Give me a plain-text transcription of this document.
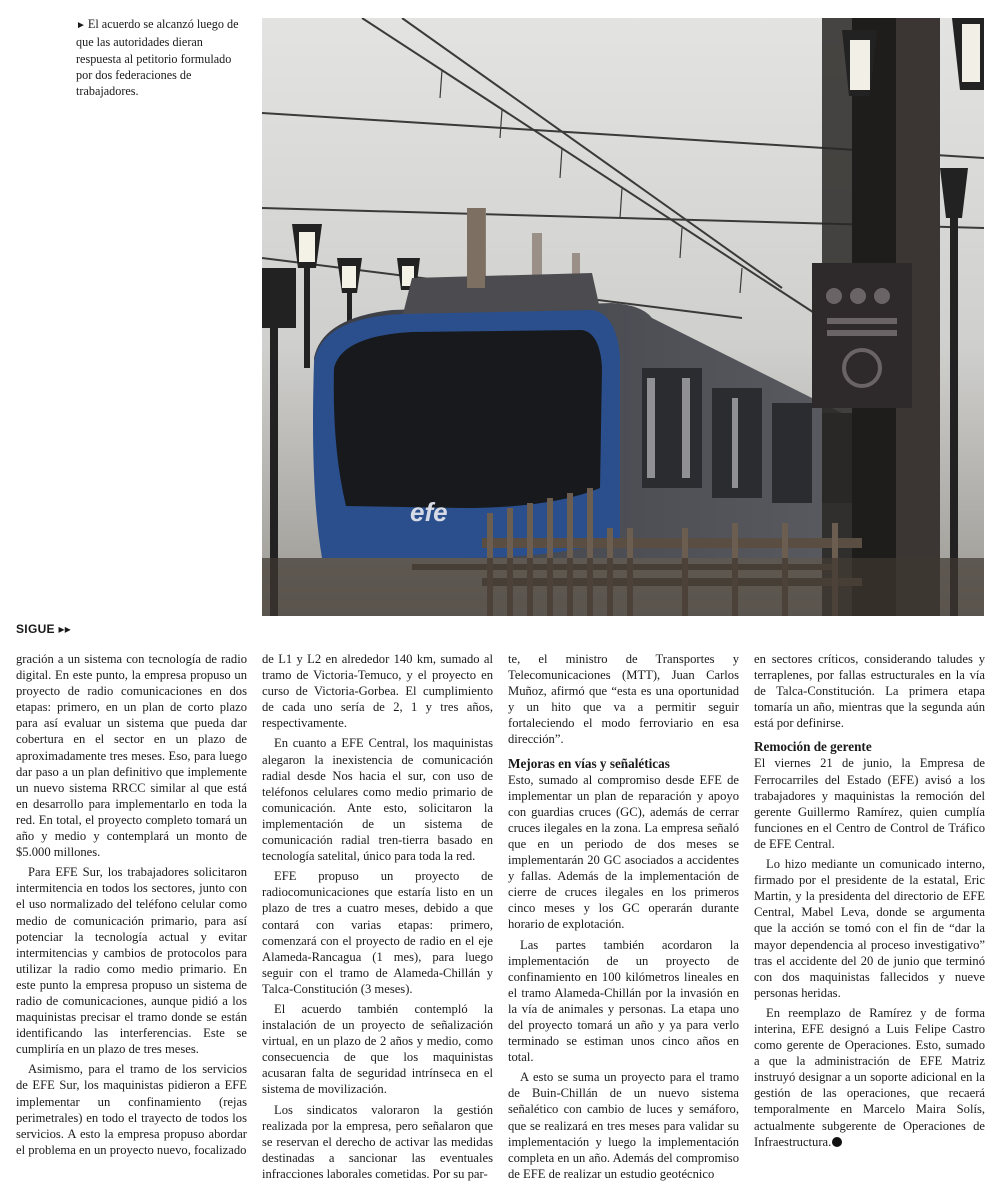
► El acuerdo se alcanzó luego de que las autoridades dieran respuesta al petitorio formulado por dos federaciones de trabajadores.
efe
SIGUE ▸▸

gración a un sistema con tecnología de radio digital. En este punto, la empresa propuso un proyecto de radio comunicaciones en dos etapas: primero, en un plan de corto plazo para así evaluar un sistema que pueda dar cobertura en el sector en un plazo de aproximadamente tres meses. Eso, para luego dar paso a un plan definitivo que implemente un nuevo sistema RRCC similar al que está en desarrollo para implementarlo en toda la red. En total, el proyecto completo tomará un año y medio y contemplará un monto de $5.000 millones.

Para EFE Sur, los trabajadores solicitaron intermitencia en todos los sectores, junto con el uso normalizado del teléfono celular como medio de comunicación primario, para así potenciar la tecnología actual y evitar intermitencias y cambios de protocolos para utilizar la radio como medio primario. En este punto la empresa propuso un sistema de radio de comunicaciones, aunque pidió a los maquinistas precisar el tramo donde se están identificando las interferencias. Este se cumpliría en un plazo de tres meses.

Asimismo, para el tramo de los servicios de EFE Sur, los maquinistas pidieron a EFE implementar un confinamiento (rejas perimetrales) en todo el trayecto de todos los servicios. A esto la empresa propuso abordar el problema en un proyecto nuevo, focalizado

de L1 y L2 en alrededor 140 km, sumado al tramo de Victoria-Temuco, y el proyecto en curso de Victoria-Gorbea. El cumplimiento de cada uno sería de 2, 1 y tres años, respectivamente.

En cuanto a EFE Central, los maquinistas alegaron la inexistencia de comunicación radial desde Nos hacia el sur, con uso de teléfonos celulares como medio primario de comunicación. Ante esto, solicitaron la implementación de un sistema de comunicación radial tren-tierra basado en tecnología satelital, único para toda la red.

EFE propuso un proyecto de radiocomunicaciones que estaría listo en un plazo de tres a cuatro meses, debido a que contará con varias etapas: primero, comenzará con el proyecto de radio en el eje Alameda-Rancagua (1 mes), para luego seguir con el tramo de Alameda-Chillán y Talca-Constitución (3 meses).

El acuerdo también contempló la instalación de un proyecto de señalización virtual, en un plazo de 2 años y medio, como consecuencia de que los maquinistas acusaran falta de seguridad intrínseca en el sistema de movilización.

Los sindicatos valoraron la gestión realizada por la empresa, pero señalaron que se reservan el derecho de activar las medidas destinadas a sancionar las eventuales infracciones laborales cometidas. Por su par-

te, el ministro de Transportes y Telecomunicaciones (MTT), Juan Carlos Muñoz, afirmó que “esta es una oportunidad y un hito que va a permitir seguir fortaleciendo el modo ferroviario en esa dirección”.

Mejoras en vías y señaléticas

Esto, sumado al compromiso desde EFE de implementar un plan de reparación y apoyo con guardias cruces (GC), además de cerrar cruces ilegales en la zona. La empresa señaló que en un periodo de dos meses se implementarán 20 GC asociados a accidentes y fallas. Además de la implementación de cierre de cruces ilegales en los primeros cinco meses y los GC operarán durante horario de explotación.

Las partes también acordaron la implementación de un proyecto de confinamiento en 100 kilómetros lineales en el tramo Alameda-Chillán por la invasión en la vía de animales y personas. La etapa uno del proyecto tomará un año y ya para verlo terminado se estiman unos cinco años en total.

A esto se suma un proyecto para el tramo de Buin-Chillán de un nuevo sistema señalético con cambio de luces y semáforo, que se realizará en tres meses para validar su implementación y luego la implementación completa en un año. Además del compromiso de EFE de realizar un estudio geotécnico

en sectores críticos, considerando taludes y terraplenes, por fallas estructurales en la vía de Talca-Constitución. La primera etapa tomaría un año, mientras que la segunda aún está por definirse.

Remoción de gerente

El viernes 21 de junio, la Empresa de Ferrocarriles del Estado (EFE) avisó a los trabajadores y maquinistas la remoción del gerente Guillermo Ramírez, quien cumplía funciones en el Centro de Control de Tráfico de EFE Central.

Lo hizo mediante un comunicado interno, firmado por el presidente de la estatal, Eric Martin, y la presidenta del directorio de EFE Central, Mabel Leva, donde se argumenta que la acción se tomó con el fin de “dar la mayor dependencia al proceso investigativo” tras el accidente del 20 de junio que terminó con dos maquinistas fallecidos y nueve personas heridas.

En reemplazo de Ramírez y de forma interina, EFE designó a Luis Felipe Castro como gerente de Operaciones. Esto, sumado a que la administración de EFE Matriz instruyó designar a un soporte adicional en la gestión de las operaciones, que recaerá temporalmente en Marcelo Maira Solís, actualmente subgerente de Operaciones de Infraestructura.
